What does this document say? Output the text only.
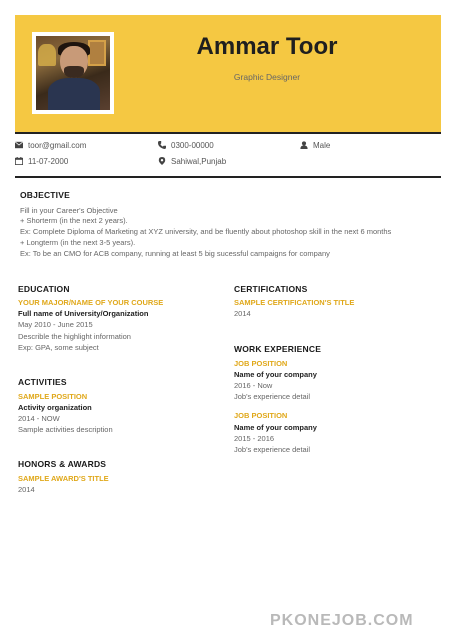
Ammar Toor
Graphic Designer
toor@gmail.com	0300-00000	Male
11-07-2000	Sahiwal,Punjab
OBJECTIVE
Fill in your Career's Objective
+ Shorterm (in the next 2 years).
Ex: Complete Diploma of Marketing at XYZ university, and be fluently about photoshop skill in the next 6 months
+ Longterm (in the next 3-5 years).
Ex: To be an CMO for ACB company, running at least 5 big sucessful campaigns for company
EDUCATION
YOUR MAJOR/NAME OF YOUR COURSE
Full name of University/Organization
May 2010 - June 2015
Describle the highlight information
Exp: GPA, some subject
ACTIVITIES
SAMPLE POSITION
Activity organization
2014 - NOW
Sample activities description
HONORS & AWARDS
SAMPLE AWARD'S TITLE
2014
CERTIFICATIONS
SAMPLE CERTIFICATION'S TITLE
2014
WORK EXPERIENCE
JOB POSITION
Name of your company
2016 - Now
Job's experience detail
JOB POSITION
Name of your company
2015 - 2016
Job's experience detail
PKONEJOB.COM
